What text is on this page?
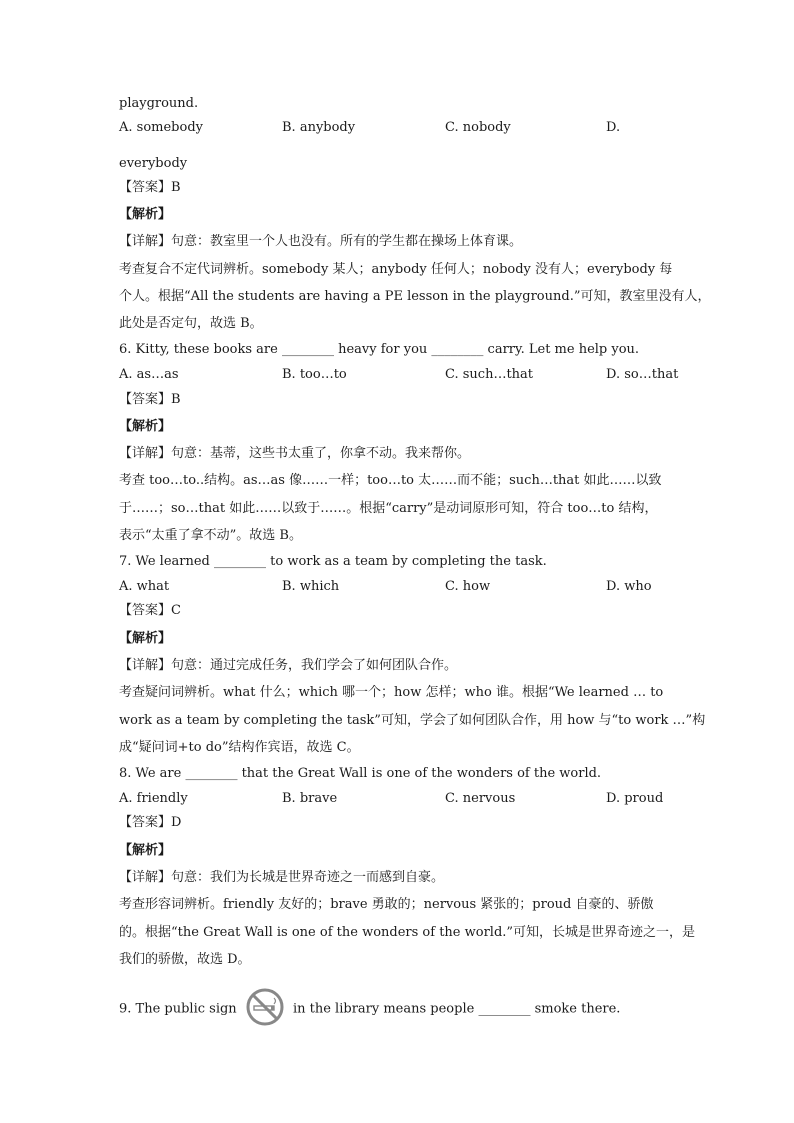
playground.
A. somebody	B. anybody	C. nobody	D.
everybody
【答案】B
【解析】
【详解】句意：教室里一个人也没有。所有的学生都在操场上体育课。
考查复合不定代词辨析。somebody 某人；anybody 任何人；nobody 没有人；everybody 每
个人。根据“All the students are having a PE lesson in the playground.”可知，教室里没有人，
此处是否定句，故选 B。
6. Kitty, these books are ________ heavy for you ________ carry. Let me help you.
A. as…as	B. too…to	C. such…that	D. so…that
【答案】B
【解析】
【详解】句意：基蒂，这些书太重了，你拿不动。我来帮你。
考查 too…to..结构。as…as 像……一样；too…to 太……而不能；such…that 如此……以致
于……；so…that 如此……以致于……。根据“carry”是动词原形可知，符合 too…to 结构，
表示“太重了拿不动”。故选 B。
7. We learned ________ to work as a team by completing the task.
A. what	B. which	C. how	D. who
【答案】C
【解析】
【详解】句意：通过完成任务，我们学会了如何团队合作。
考查疑问词辨析。what 什么；which 哪一个；how 怎样；who 谁。根据“We learned … to
work as a team by completing the task”可知，学会了如何团队合作，用 how 与“to work …”构
成“疑问词+to do”结构作宾语，故选 C。
8. We are ________ that the Great Wall is one of the wonders of the world.
A. friendly	B. brave	C. nervous	D. proud
【答案】D
【解析】
【详解】句意：我们为长城是世界奇迹之一而感到自豪。
考查形容词辨析。friendly 友好的；brave 勇敢的；nervous 紧张的；proud 自豪的、骄傲
的。根据“the Great Wall is one of the wonders of the world.”可知，长城是世界奇迹之一，是
我们的骄傲，故选 D。
9. The public sign	in the library means people ________ smoke there.
